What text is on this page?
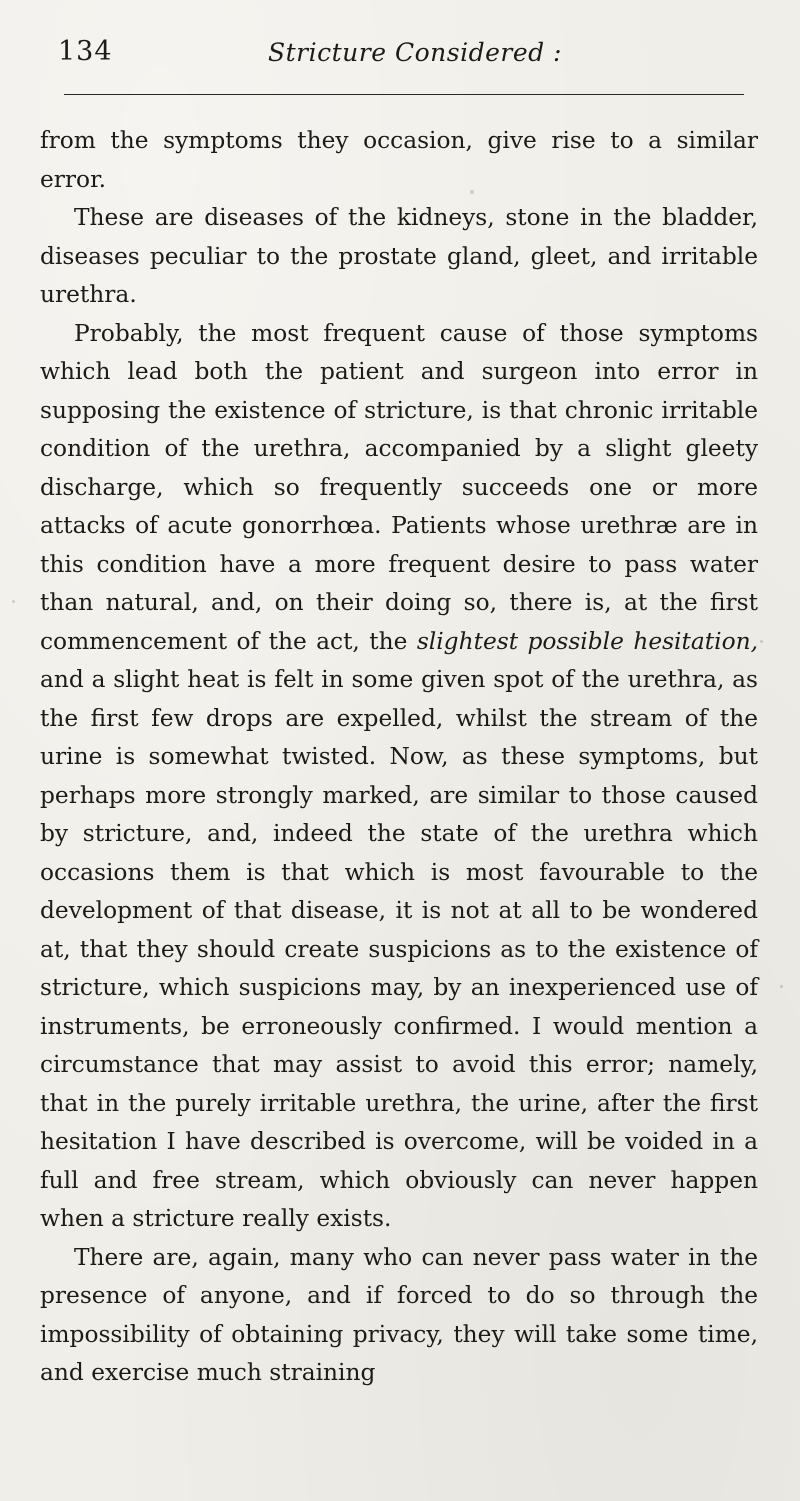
134	Stricture Considered :

from the symptoms they occasion, give rise to a similar error.

These are diseases of the kidneys, stone in the bladder, diseases peculiar to the prostate gland, gleet, and irritable urethra.

Probably, the most frequent cause of those symptoms which lead both the patient and surgeon into error in supposing the existence of stricture, is that chronic irritable condition of the urethra, accompanied by a slight gleety discharge, which so frequently succeeds one or more attacks of acute gonorrhœa. Patients whose urethræ are in this condition have a more frequent desire to pass water than natural, and, on their doing so, there is, at the first commencement of the act, the slightest possible hesitation, and a slight heat is felt in some given spot of the urethra, as the first few drops are expelled, whilst the stream of the urine is somewhat twisted. Now, as these symptoms, but perhaps more strongly marked, are similar to those caused by stricture, and, indeed the state of the urethra which occasions them is that which is most favourable to the development of that disease, it is not at all to be wondered at, that they should create suspicions as to the existence of stricture, which suspicions may, by an inexperienced use of instruments, be erroneously confirmed. I would mention a circumstance that may assist to avoid this error; namely, that in the purely irritable urethra, the urine, after the first hesitation I have described is overcome, will be voided in a full and free stream, which obviously can never happen when a stricture really exists.

There are, again, many who can never pass water in the presence of anyone, and if forced to do so through the impossibility of obtaining privacy, they will take some time, and exercise much straining
